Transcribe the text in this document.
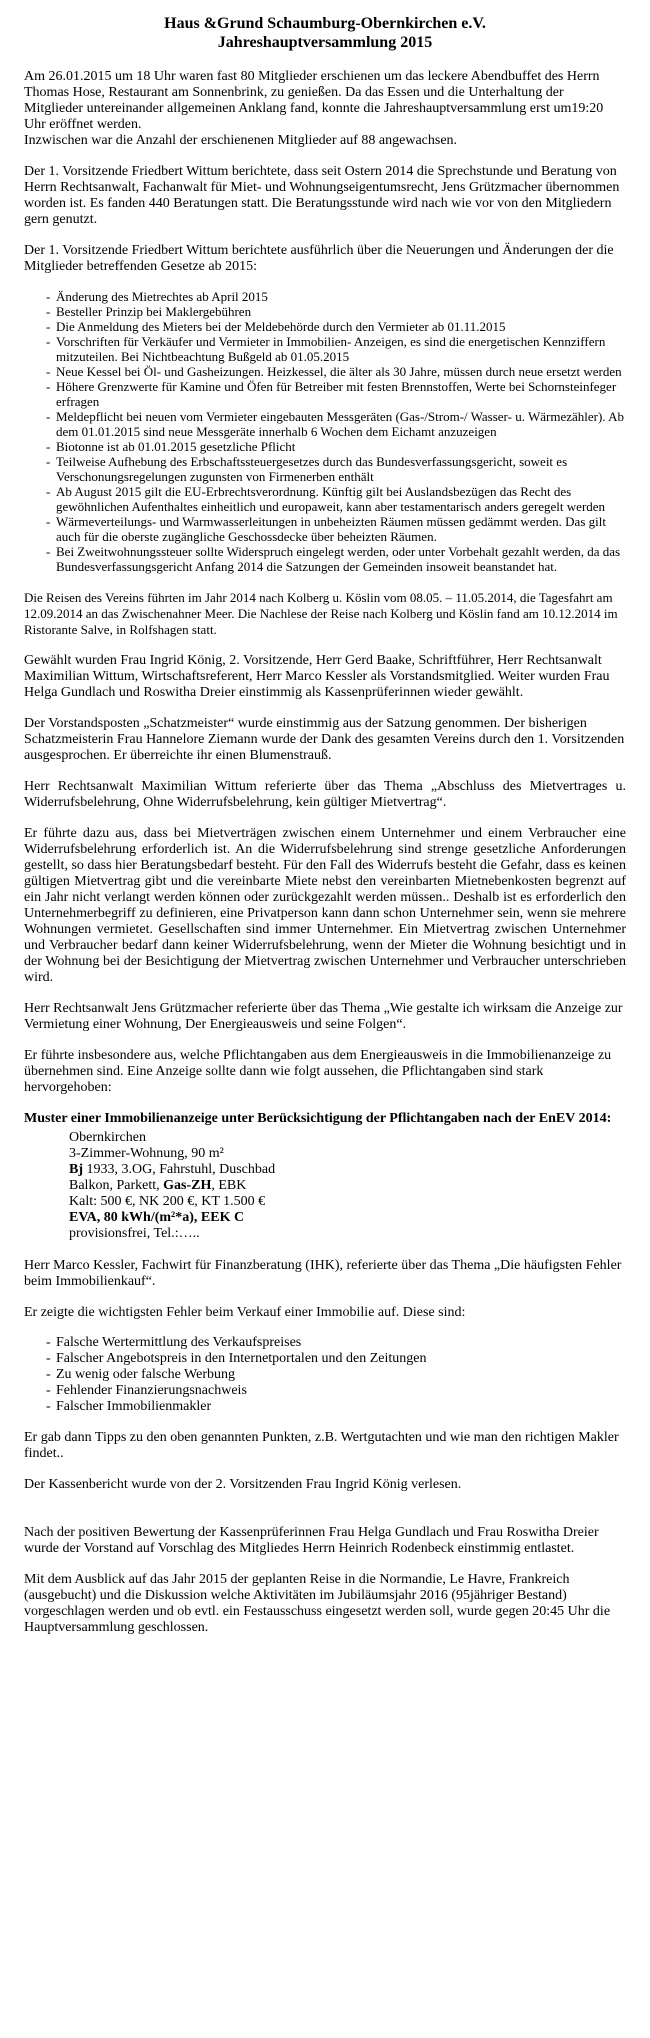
Haus &Grund Schaumburg-Obernkirchen e.V.
Jahreshauptversammlung 2015

Am 26.01.2015 um 18 Uhr waren fast 80 Mitglieder erschienen um das leckere Abendbuffet des Herrn Thomas Hose, Restaurant am Sonnenbrink, zu genießen. Da das Essen und die Unterhaltung der Mitglieder untereinander allgemeinen Anklang fand, konnte die Jahreshauptversammlung erst um19:20 Uhr eröffnet werden.
Inzwischen war die Anzahl der erschienenen Mitglieder auf 88 angewachsen.

Der 1. Vorsitzende Friedbert Wittum berichtete, dass seit Ostern 2014 die Sprechstunde und Beratung von Herrn Rechtsanwalt, Fachanwalt für Miet- und Wohnungseigentumsrecht, Jens Grützmacher übernommen worden ist. Es fanden 440 Beratungen statt. Die Beratungsstunde wird nach wie vor von den Mitgliedern gern genutzt.

Der 1. Vorsitzende Friedbert Wittum berichtete ausführlich über die Neuerungen und Änderungen der die Mitglieder betreffenden Gesetze ab 2015:

- Änderung des Mietrechtes ab April 2015
- Besteller Prinzip bei Maklergebühren
- Die Anmeldung des Mieters bei der Meldebehörde durch den Vermieter ab 01.11.2015
- Vorschriften für Verkäufer und Vermieter in Immobilien- Anzeigen, es sind die energetischen Kennziffern mitzuteilen. Bei Nichtbeachtung Bußgeld ab 01.05.2015
- Neue Kessel bei Öl- und Gasheizungen. Heizkessel, die älter als 30 Jahre, müssen durch neue ersetzt werden
- Höhere Grenzwerte für Kamine und Öfen für Betreiber mit festen Brennstoffen, Werte bei Schornsteinfeger erfragen
- Meldepflicht bei neuen vom Vermieter eingebauten Messgeräten (Gas-/Strom-/ Wasser- u. Wärmezähler). Ab dem 01.01.2015 sind neue Messgeräte innerhalb 6 Wochen dem Eichamt anzuzeigen
- Biotonne ist ab 01.01.2015 gesetzliche Pflicht
- Teilweise Aufhebung des Erbschaftssteuergesetzes durch das Bundesverfassungsgericht, soweit es Verschonungsregelungen zugunsten von Firmenerben enthält
- Ab August 2015 gilt die EU-Erbrechtsverordnung. Künftig gilt bei Auslandsbezügen das Recht des gewöhnlichen Aufenthaltes einheitlich und europaweit, kann aber testamentarisch anders geregelt werden
- Wärmeverteilungs- und Warmwasserleitungen in unbeheizten Räumen müssen gedämmt werden. Das gilt auch für die oberste zugängliche Geschossdecke über beheizten Räumen.
- Bei Zweitwohnungssteuer sollte Widerspruch eingelegt werden, oder unter Vorbehalt gezahlt werden, da das Bundesverfassungsgericht Anfang 2014 die Satzungen der Gemeinden insoweit beanstandet hat.

Die Reisen des Vereins führten im Jahr 2014 nach Kolberg u. Köslin vom 08.05. – 11.05.2014, die Tagesfahrt am 12.09.2014 an das Zwischenahner Meer. Die Nachlese der Reise nach Kolberg und Köslin fand am 10.12.2014 im Ristorante Salve, in Rolfshagen statt.

Gewählt wurden Frau Ingrid König, 2. Vorsitzende, Herr Gerd Baake, Schriftführer, Herr Rechtsanwalt Maximilian Wittum, Wirtschaftsreferent, Herr Marco Kessler als Vorstandsmitglied. Weiter wurden Frau Helga Gundlach und Roswitha Dreier einstimmig als Kassenprüferinnen wieder gewählt.

Der Vorstandsposten „Schatzmeister“ wurde einstimmig aus der Satzung genommen. Der bisherigen Schatzmeisterin Frau Hannelore Ziemann wurde der Dank des gesamten Vereins durch den 1. Vorsitzenden ausgesprochen. Er überreichte ihr einen Blumenstrauß.

Herr Rechtsanwalt Maximilian Wittum referierte über das Thema „Abschluss des Mietvertrages u. Widerrufsbelehrung, Ohne Widerrufsbelehrung, kein gültiger Mietvertrag“.

Er führte dazu aus, dass bei Mietverträgen zwischen einem Unternehmer und einem Verbraucher eine Widerrufsbelehrung erforderlich ist. An die Widerrufsbelehrung sind strenge gesetzliche Anforderungen gestellt, so dass hier Beratungsbedarf besteht. Für den Fall des Widerrufs besteht die Gefahr, dass es keinen gültigen Mietvertrag gibt und die vereinbarte Miete nebst den vereinbarten Mietnebenkosten begrenzt auf ein Jahr nicht verlangt werden können oder zurückgezahlt werden müssen.. Deshalb ist es erforderlich den Unternehmerbegriff zu definieren, eine Privatperson kann dann schon Unternehmer sein, wenn sie mehrere Wohnungen vermietet. Gesellschaften sind immer Unternehmer. Ein Mietvertrag zwischen Unternehmer und Verbraucher bedarf dann keiner Widerrufsbelehrung, wenn der Mieter die Wohnung besichtigt und in der Wohnung bei der Besichtigung der Mietvertrag zwischen Unternehmer und Verbraucher unterschrieben wird.

Herr Rechtsanwalt Jens Grützmacher referierte über das Thema „Wie gestalte ich wirksam die Anzeige zur Vermietung einer Wohnung, Der Energieausweis und seine Folgen“.

Er führte insbesondere aus, welche Pflichtangaben aus dem Energieausweis in die Immobilienanzeige zu übernehmen sind. Eine Anzeige sollte dann wie folgt aussehen, die Pflichtangaben sind stark hervorgehoben:

Muster einer Immobilienanzeige unter Berücksichtigung der Pflichtangaben nach der EnEV 2014:
Obernkirchen
3-Zimmer-Wohnung, 90 m²
Bj 1933, 3.OG, Fahrstuhl, Duschbad
Balkon, Parkett, Gas-ZH, EBK
Kalt: 500 €, NK 200 €, KT 1.500 €
EVA, 80 kWh/(m²*a), EEK C
provisionsfrei, Tel.:…..

Herr Marco Kessler, Fachwirt für Finanzberatung (IHK), referierte über das Thema „Die häufigsten Fehler beim Immobilienkauf“.

Er zeigte die wichtigsten Fehler beim Verkauf einer Immobilie auf. Diese sind:

- Falsche Wertermittlung des Verkaufspreises
- Falscher Angebotspreis in den Internetportalen und den Zeitungen
- Zu wenig oder falsche Werbung
- Fehlender Finanzierungsnachweis
- Falscher Immobilienmakler

Er gab dann Tipps zu den oben genannten Punkten, z.B. Wertgutachten und wie man den richtigen Makler findet..

Der Kassenbericht wurde von der 2. Vorsitzenden Frau Ingrid König verlesen.

Nach der positiven Bewertung der Kassenprüferinnen Frau Helga Gundlach und Frau Roswitha Dreier wurde der Vorstand auf Vorschlag des Mitgliedes Herrn Heinrich Rodenbeck einstimmig entlastet.

Mit dem Ausblick auf das Jahr 2015 der geplanten Reise in die Normandie, Le Havre, Frankreich (ausgebucht) und die Diskussion welche Aktivitäten im Jubiläumsjahr 2016 (95jähriger Bestand) vorgeschlagen werden und ob evtl. ein Festausschuss eingesetzt werden soll, wurde gegen 20:45 Uhr die Hauptversammlung geschlossen.
